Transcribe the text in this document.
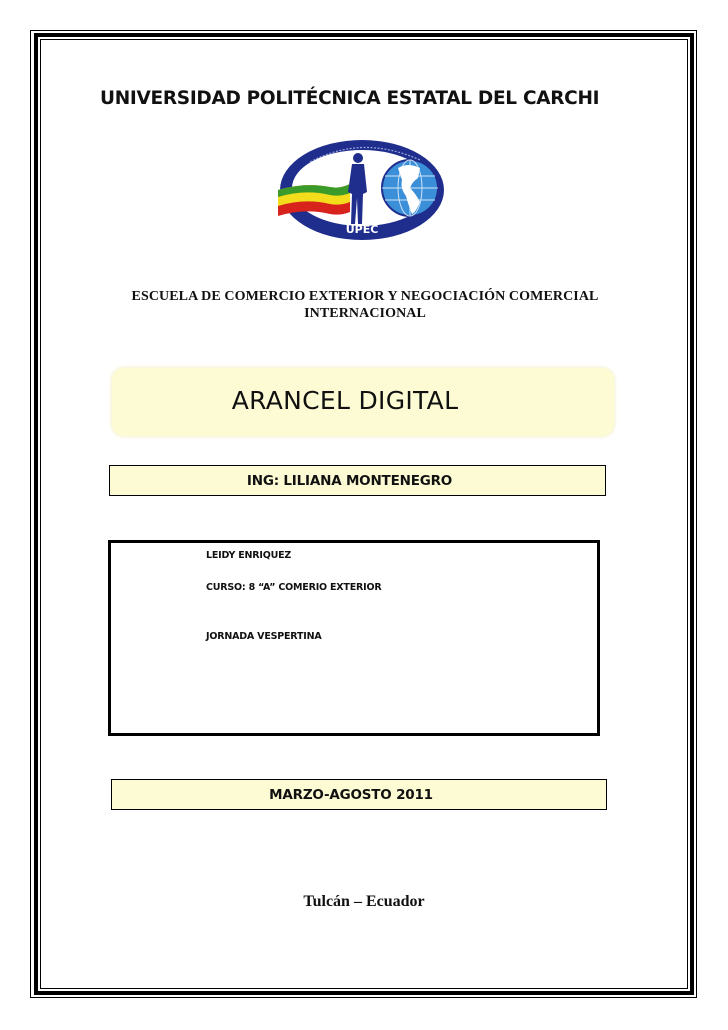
UNIVERSIDAD POLITÉCNICA ESTATAL DEL CARCHI
UPEC
ESCUELA DE COMERCIO EXTERIOR Y NEGOCIACIÓN COMERCIAL
INTERNACIONAL
ARANCEL DIGITAL
ING: LILIANA MONTENEGRO
LEIDY ENRIQUEZ
CURSO: 8 “A” COMERIO EXTERIOR
JORNADA VESPERTINA
MARZO-AGOSTO 2011
Tulcán – Ecuador
